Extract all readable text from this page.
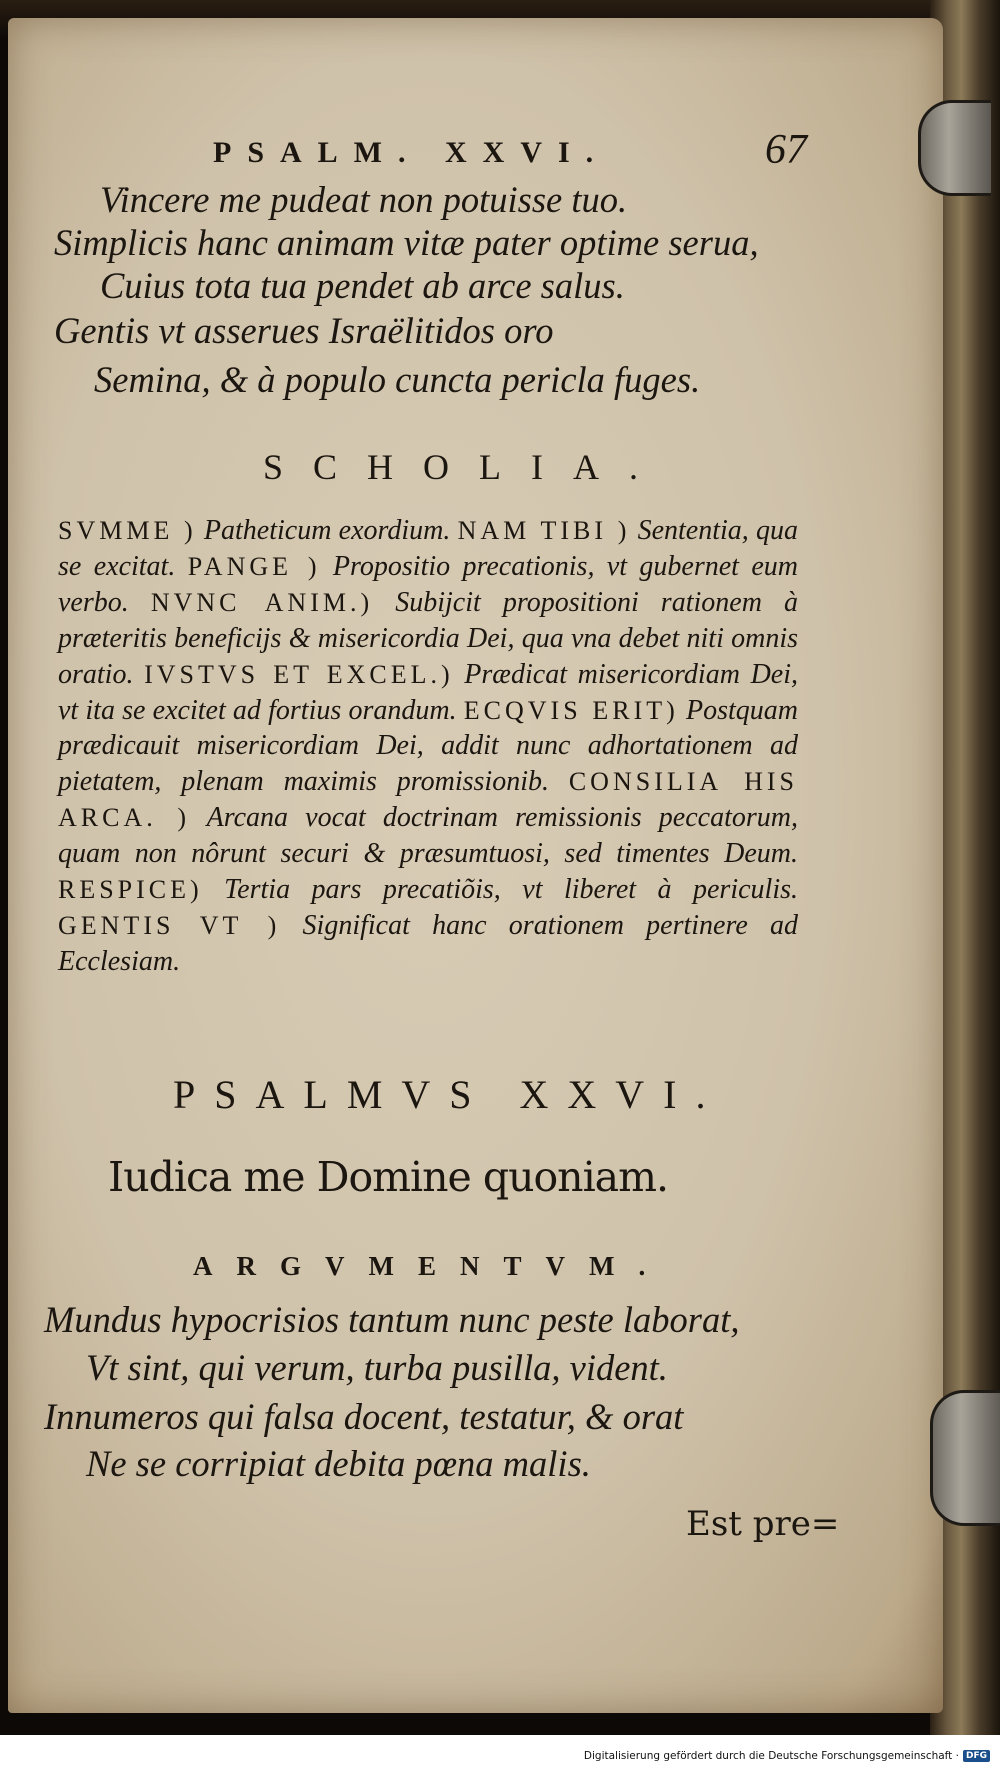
PSALM. XXVI.	67

Vincere me pudeat non potuisse tuo.

Simplicis hanc animam vitæ pater optime serua,

Cuius tota tua pendet ab arce salus.

Gentis vt asserues Israëlitidos oro

Semina, & à populo cuncta pericla fuges.

SCHOLIA.

SVMME ) Patheticum exordium. NAM TIBI ) Sententia, qua se excitat. PANGE ) Propositio precationis, vt gubernet eum verbo. NVNC ANIM.) Subijcit propositioni rationem à præteritis beneficijs & misericordia Dei, qua vna debet niti omnis oratio. IVSTVS ET EXCEL.) Prædicat misericordiam Dei, vt ita se excitet ad fortius orandum. ECQVIS ERIT) Postquam prædicauit misericordiam Dei, addit nunc adhortationem ad pietatem, plenam maximis promissionib. CONSILIA HIS ARCA. ) Arcana vocat doctrinam remissionis peccatorum, quam non nôrunt securi & præsumtuosi, sed timentes Deum. RESPICE) Tertia pars precatiõis, vt liberet à periculis. GENTIS VT ) Significat hanc orationem pertinere ad Ecclesiam.

PSALMVS XXVI.

Iudica me Domine quoniam.

ARGVMENTVM.

Mundus hypocrisios tantum nunc peste laborat,

Vt sint, qui verum, turba pusilla, vident.

Innumeros qui falsa docent, testatur, & orat

Ne se corripiat debita pœna malis.

Est pre=

Digitalisierung gefördert durch die Deutsche Forschungsgemeinschaft · DFG
